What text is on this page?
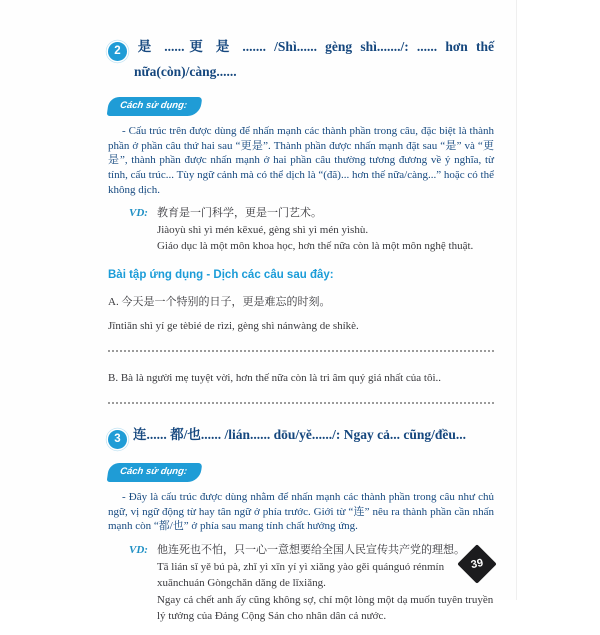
2 是 ......更 是 ....... /Shì...... gèng shì......./: ...... hơn thế nữa(còn)/càng......

Cách sử dụng:

- Cấu trúc trên được dùng để nhấn mạnh các thành phần trong câu, đặc biệt là thành phần ở phần câu thứ hai sau “更是”. Thành phần được nhấn mạnh đặt sau “是” và “更是”, thành phần được nhấn mạnh ở hai phần câu thường tương đương về ý nghĩa, từ tính, cấu trúc... Tùy ngữ cảnh mà có thể dịch là “(đã)... hơn thế nữa/càng...” hoặc có thể không dịch.

VD: 教育是一门科学，更是一门艺术。
Jiàoyù shì yì mén kēxué, gèng shì yì mén yìshù.
Giáo dục là một môn khoa học, hơn thế nữa còn là một môn nghệ thuật.
Bài tập ứng dụng - Dịch các câu sau đây:
A. 今天是一个特别的日子，更是难忘的时刻。
Jīntiān shì yí ge tèbié de rìzi, gèng shì nánwàng de shíkè.
B. Bà là người mẹ tuyệt vời, hơn thế nữa còn là tri âm quý giá nhất của tôi..

3 连...... 都/也...... /lián...... dōu/yě....../: Ngay cả... cũng/đều...

Cách sử dụng:

- Đây là cấu trúc được dùng nhằm để nhấn mạnh các thành phần trong câu như chủ ngữ, vị ngữ động từ hay tân ngữ ở phía trước. Giới từ “连” nêu ra thành phần cần nhấn mạnh còn “都/也” ở phía sau mang tính chất hưởng ứng.

VD: 他连死也不怕，只一心一意想要给全国人民宣传共产党的理想。
Tā lián sǐ yě bú pà, zhǐ yì xīn yí yì xiǎng yào gěi quánguó rénmín xuānchuán Gòngchǎn dǎng de lǐxiǎng.
Ngay cả chết anh ấy cũng không sợ, chỉ một lòng một dạ muốn tuyên truyền lý tưởng của Đảng Cộng Sản cho nhân dân cả nước.
39
